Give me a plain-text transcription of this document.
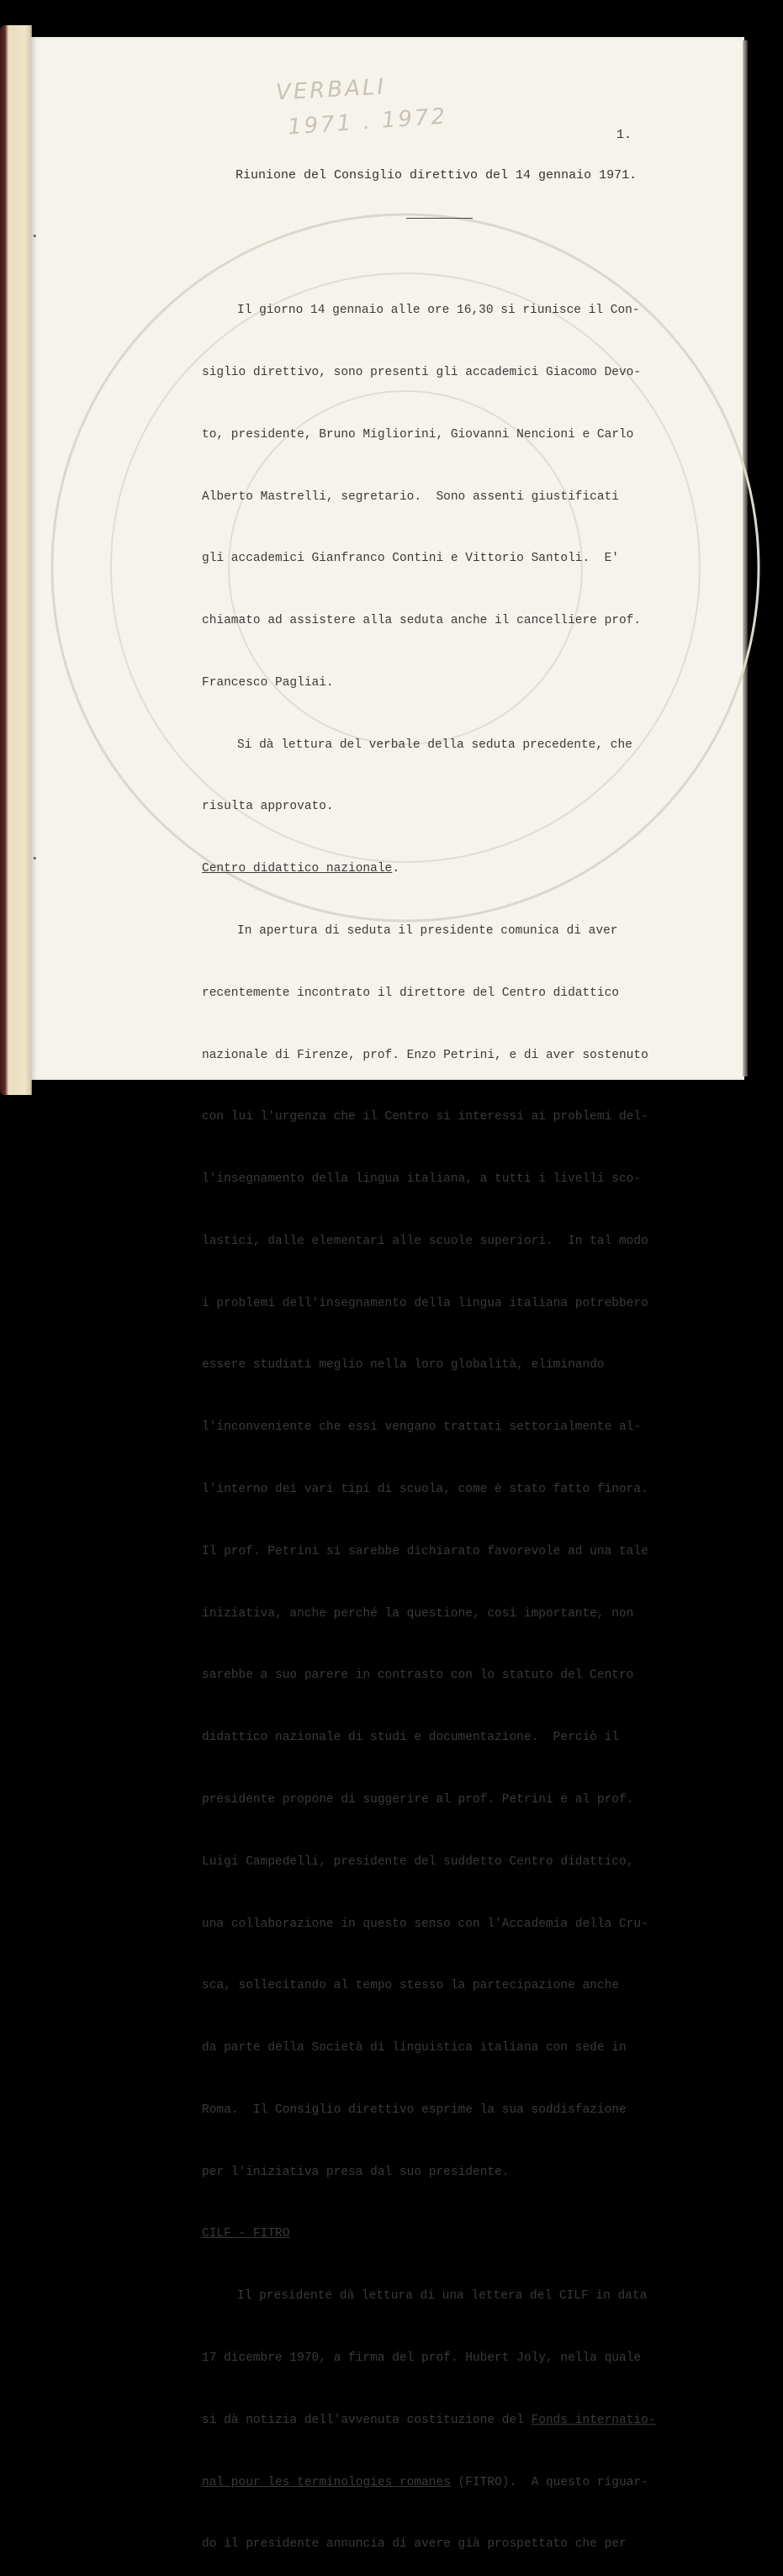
VERBALI
1971 . 1972	1.
Riunione del Consiglio direttivo del 14 gennaio 1971.

Il giorno 14 gennaio alle ore 16,30 si riunisce il Con-

siglio direttivo, sono presenti gli accademici Giacomo Devo-

to, presidente, Bruno Migliorini, Giovanni Nencioni e Carlo

Alberto Mastrelli, segretario.  Sono assenti giustificati

gli accademici Gianfranco Contini e Vittorio Santoli.  E'

chiamato ad assistere alla seduta anche il cancelliere prof.

Francesco Pagliai.

Si dà lettura del verbale della seduta precedente, che

risulta approvato.

Centro didattico nazionale.

In apertura di seduta il presidente comunica di aver

recentemente incontrato il direttore del Centro didattico

nazionale di Firenze, prof. Enzo Petrini, e di aver sostenuto

con lui l'urgenza che il Centro si interessi ai problemi del-

l'insegnamento della lingua italiana, a tutti i livelli sco-

lastici, dalle elementari alle scuole superiori.  In tal modo

i problemi dell'insegnamento della lingua italiana potrebbero

essere studiati meglio nella loro globalità, eliminando

l'inconveniente che essi vengano trattati settorialmente al-

l'interno dei vari tipi di scuola, come è stato fatto finora.

Il prof. Petrini si sarebbe dichiarato favorevole ad una tale

iniziativa, anche perché la questione, così importante, non

sarebbe a suo parere in contrasto con lo statuto del Centro

didattico nazionale di studi e documentazione.  Perciò il

presidente propone di suggerire al prof. Petrini e al prof.

Luigi Campedelli, presidente del suddetto Centro didattico,

una collaborazione in questo senso con l'Accademia della Cru-

sca, sollecitando al tempo stesso la partecipazione anche

da parte della Società di linguistica italiana con sede in

Roma.  Il Consiglio direttivo esprime la sua soddisfazione

per l'iniziativa presa dal suo presidente.

CILF - FITRO

Il presidente dà lettura di una lettera del CILF in data

17 dicembre 1970, a firma del prof. Hubert Joly, nella quale

si dà notizia dell'avvenuta costituzione del Fonds internatio-

nal pour les terminologies romanes (FITRO).  A questo riguar-

do il presidente annuncia di avere già prospettato che per

•
•
